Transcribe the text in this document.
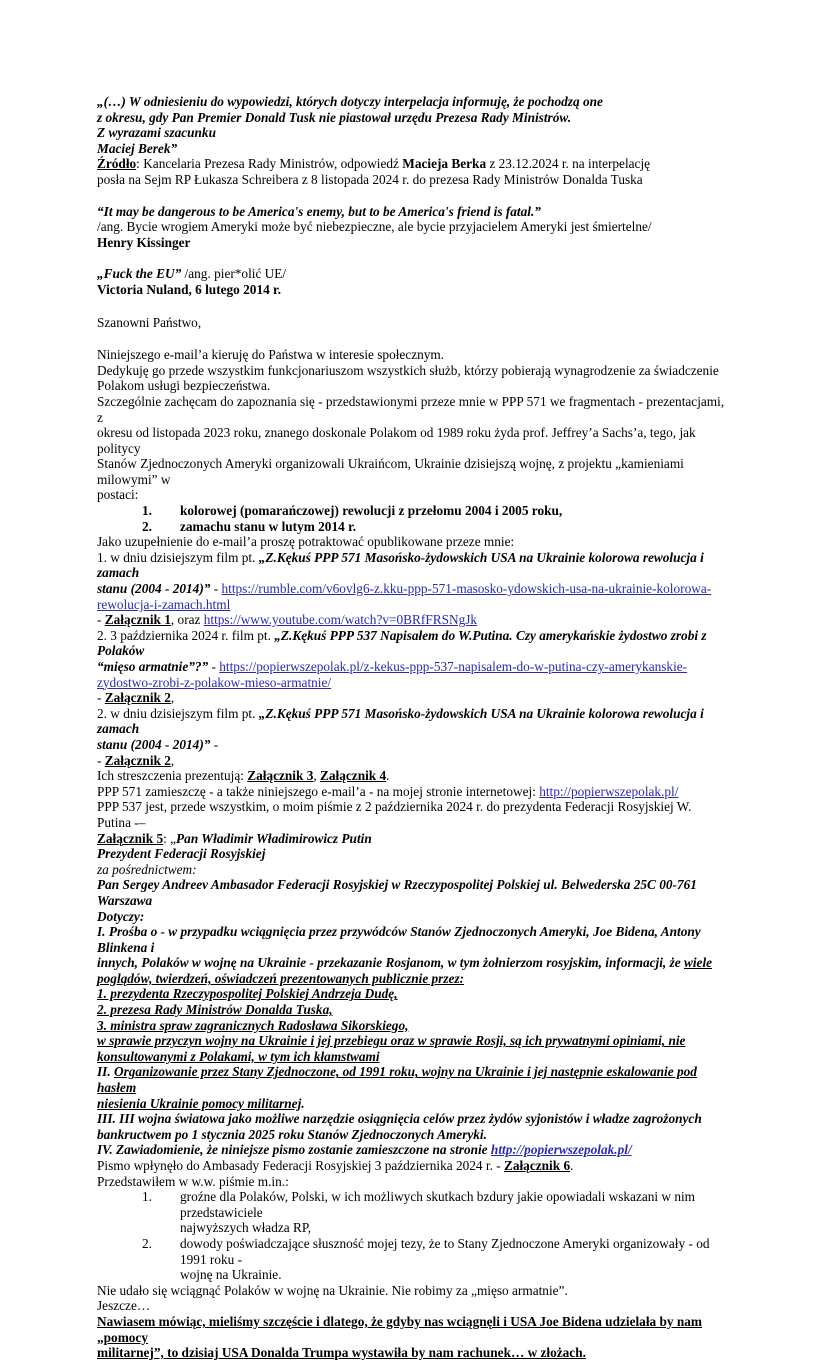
„(…) W odniesieniu do wypowiedzi, których dotyczy interpelacja informuję, że pochodzą one

z okresu, gdy Pan Premier Donald Tusk nie piastował urzędu Prezesa Rady Ministrów.

Z wyrazami szacunku

Maciej Berek”

Źródło: Kancelaria Prezesa Rady Ministrów, odpowiedź Macieja Berka z 23.12.2024 r. na interpelację

posła na Sejm RP Łukasza Schreibera z 8 listopada 2024 r. do prezesa Rady Ministrów Donalda Tuska

“It may be dangerous to be America's enemy, but to be America's friend is fatal.”

/ang. Bycie wrogiem Ameryki może być niebezpieczne, ale bycie przyjacielem Ameryki jest śmiertelne/

Henry Kissinger

„Fuck the EU” /ang. pier*olić UE/

Victoria Nuland, 6 lutego 2014 r.

Szanowni Państwo,

Niniejszego e-mail’a kieruję do Państwa w interesie społecznym.

Dedykuję go przede wszystkim funkcjonariuszom wszystkich służb, którzy pobierają wynagrodzenie za świadczenie

Polakom usługi bezpieczeństwa.

Szczególnie zachęcam do zapoznania się - przedstawionymi przeze mnie w PPP 571 we fragmentach - prezentacjami, z

okresu od listopada 2023 roku, znanego doskonale Polakom od 1989 roku żyda prof. Jeffrey’a Sachs’a, tego, jak politycy

Stanów Zjednoczonych Ameryki organizowali Ukraińcom, Ukrainie dzisiejszą wojnę, z projektu „kamieniami milowymi” w

postaci:

1.	kolorowej (pomarańczowej) rewolucji z przełomu 2004 i 2005 roku,
2.	zamachu stanu w lutym 2014 r.

Jako uzupełnienie do e-mail’a proszę potraktować opublikowane przeze mnie:

1. w dniu dzisiejszym film pt. „Z.Kękuś PPP 571 Masońsko-żydowskich USA na Ukrainie kolorowa rewolucja i zamach

stanu (2004 - 2014)” - https://rumble.com/v6ovlg6-z.kku-ppp-571-masosko-ydowskich-usa-na-ukrainie-kolorowa-rewolucja-i-zamach.html

- Załącznik 1, oraz https://www.youtube.com/watch?v=0BRfFRSNgJk

2. 3 października 2024 r. film pt. „Z.Kękuś PPP 537 Napisałem do W.Putina. Czy amerykańskie żydostwo zrobi z Polaków

“mięso armatnie”?” - https://popierwszepolak.pl/z-kekus-ppp-537-napisalem-do-w-putina-czy-amerykanskie-zydostwo-zrobi-z-polakow-mieso-armatnie/

- Załącznik 2,

2. w dniu dzisiejszym film pt. „Z.Kękuś PPP 571 Masońsko-żydowskich USA na Ukrainie kolorowa rewolucja i zamach

stanu (2004 - 2014)” -

- Załącznik 2,

Ich streszczenia prezentują: Załącznik 3, Załącznik 4.

PPP 571 zamieszczę - a także niniejszego e-mail’a - na mojej stronie internetowej: http://popierwszepolak.pl/

PPP 537 jest, przede wszystkim, o moim piśmie z 2 października 2024 r. do prezydenta Federacji Rosyjskiej W. Putina -–

Załącznik 5: „Pan Władimir Władimirowicz Putin

Prezydent Federacji Rosyjskiej

za pośrednictwem:

Pan Sergey Andreev Ambasador Federacji Rosyjskiej w Rzeczypospolitej Polskiej ul. Belwederska 25C 00-761 Warszawa

Dotyczy:

I. Prośba o - w przypadku wciągnięcia przez przywódców Stanów Zjednoczonych Ameryki, Joe Bidena, Antony Blinkena i

innych, Polaków w wojnę na Ukrainie - przekazanie Rosjanom, w tym żołnierzom rosyjskim, informacji, że wiele

poglądów, twierdzeń, oświadczeń prezentowanych publicznie przez:

1. prezydenta Rzeczypospolitej Polskiej Andrzeja Dudę,

2. prezesa Rady Ministrów Donalda Tuska,

3. ministra spraw zagranicznych Radosława Sikorskiego,

w sprawie przyczyn wojny na Ukrainie i jej przebiegu oraz w sprawie Rosji, są ich prywatnymi opiniami, nie

konsultowanymi z Polakami, w tym ich kłamstwami

II. Organizowanie przez Stany Zjednoczone, od 1991 roku, wojny na Ukrainie i jej następnie eskalowanie pod hasłem

niesienia Ukrainie pomocy militarnej.

III. III wojna światowa jako możliwe narzędzie osiągnięcia celów przez żydów syjonistów i władze zagrożonych

bankructwem po 1 stycznia 2025 roku Stanów Zjednoczonych Ameryki.

IV. Zawiadomienie, że niniejsze pismo zostanie zamieszczone na stronie http://popierwszepolak.pl/

Pismo wpłynęło do Ambasady Federacji Rosyjskiej 3 października 2024 r. - Załącznik 6.

Przedstawiłem w w.w. piśmie m.in.:

1.	groźne dla Polaków, Polski, w ich możliwych skutkach bzdury jakie opowiadali wskazani w nim przedstawiciele
najwyższych władza RP,
2.	dowody poświadczające słuszność mojej tezy, że to Stany Zjednoczone Ameryki organizowały - od 1991 roku -
wojnę na Ukrainie.

Nie udało się wciągnąć Polaków w wojnę na Ukrainie. Nie robimy za „mięso armatnie”.

Jeszcze…

Nawiasem mówiąc, mieliśmy szczęście i dlatego, że gdyby nas wciągnęli i USA Joe Bidena udzielała by nam „pomocy

militarnej”, to dzisiaj USA Donalda Trumpa wystawiła by nam rachunek… w złożach.
